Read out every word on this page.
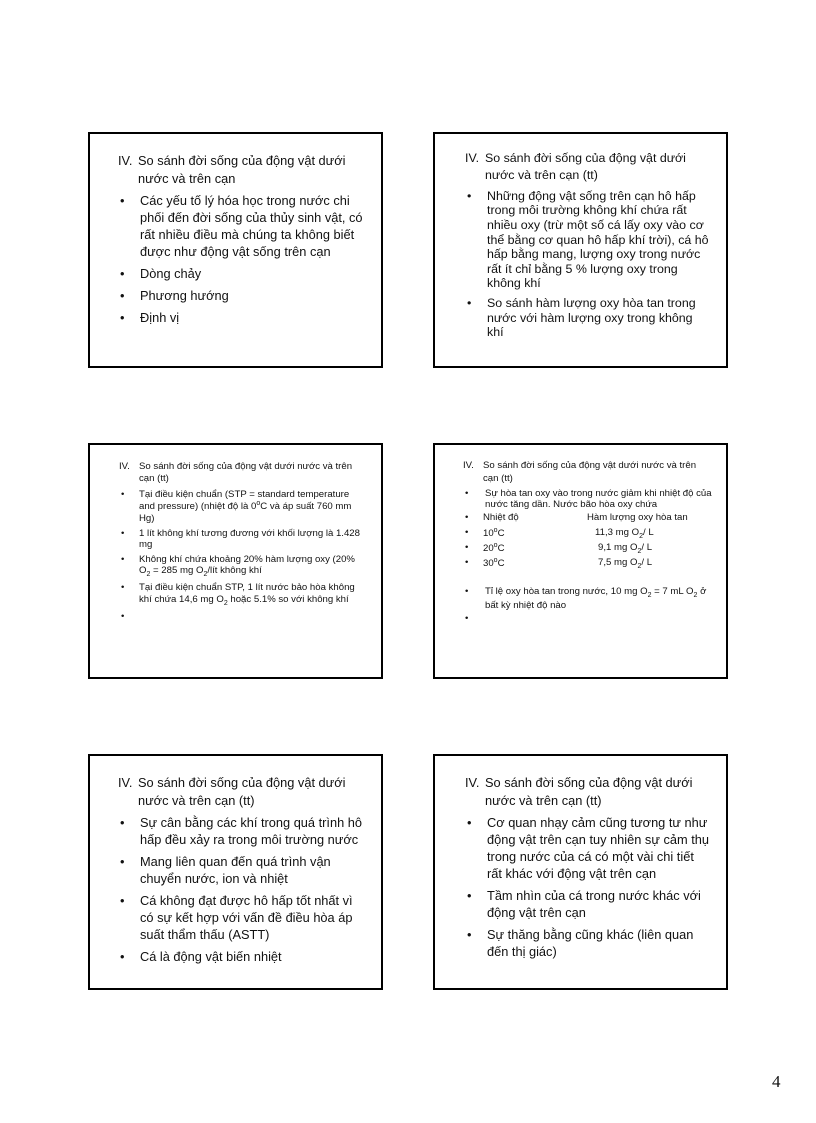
IV. So sánh đời sống của động vật dưới nước và trên cạn
• Các yếu tố lý hóa học trong nước chi phối đến đời sống của thủy sinh vật, có rất nhiều điều mà chúng ta không biết được như động vật sống trên cạn
• Dòng chảy
• Phương hướng
• Định vị
IV. So sánh đời sống của động vật dưới nước và trên cạn (tt)
• Những động vật sống trên cạn hô hấp trong môi trường không khí chứa rất nhiều oxy (trừ một số cá lấy oxy vào cơ thể bằng cơ quan hô hấp khí trời), cá hô hấp bằng mang, lượng oxy trong nước rất ít chỉ bằng 5 % lượng oxy trong không khí
• So sánh hàm lượng oxy hòa tan trong nước với hàm lượng oxy trong không khí
IV. So sánh đời sống của động vật dưới nước và trên cạn (tt)
• Tại điều kiện chuẩn (STP = standard temperature and pressure) (nhiệt độ là 0$^o$C và áp suất 760 mm Hg)
• 1 lít không khí tương đương với khối lượng là 1.428 mg
• Không khí chứa khoảng 20% hàm lượng oxy (20% $O_2 = 285$ mg $O_2$/lít không khí
• Tại điều kiện chuẩn STP, 1 lít nước bảo hòa không khí chứa 14,6 mg $O_2$ hoặc 5.1% so với không khí
•
IV. So sánh đời sống của động vật dưới nước và trên cạn (tt)
• Sự hòa tan oxy vào trong nước giảm khi nhiệt độ của nước tăng dần. Nước bão hòa oxy chứa
• Nhiệt độ	Hàm lượng oxy hòa tan
• 10$^o$C	11,3 mg $O_2/$ L
• 20$^o$C	9,1 mg $O_2/$ L
• 30$^o$C	7,5 mg $O_2/$ L
• Tỉ lệ oxy hòa tan trong nước, 10 mg $O_2 = 7$ mL $O_2$ ở bất kỳ nhiệt độ nào
•
IV. So sánh đời sống của động vật dưới nước và trên cạn (tt)
• Sự cân bằng các khí trong quá trình hô hấp đều xảy ra trong môi trường nước
• Mang liên quan đến quá trình vận chuyển nước, ion và nhiệt
• Cá không đạt được hô hấp tốt nhất vì có sự kết hợp với vấn đề điều hòa áp suất thẩm thấu (ASTT)
• Cá là động vật biến nhiệt
IV. So sánh đời sống của động vật dưới nước và trên cạn (tt)
• Cơ quan nhạy cảm cũng tương tư như động vật trên cạn tuy nhiên sự cảm thụ trong nước của cá có một vài chi tiết rất khác với động vật trên cạn
• Tầm nhìn của cá trong nước khác với động vật trên cạn
• Sự thăng bằng cũng khác (liên quan đến thị giác)
4
